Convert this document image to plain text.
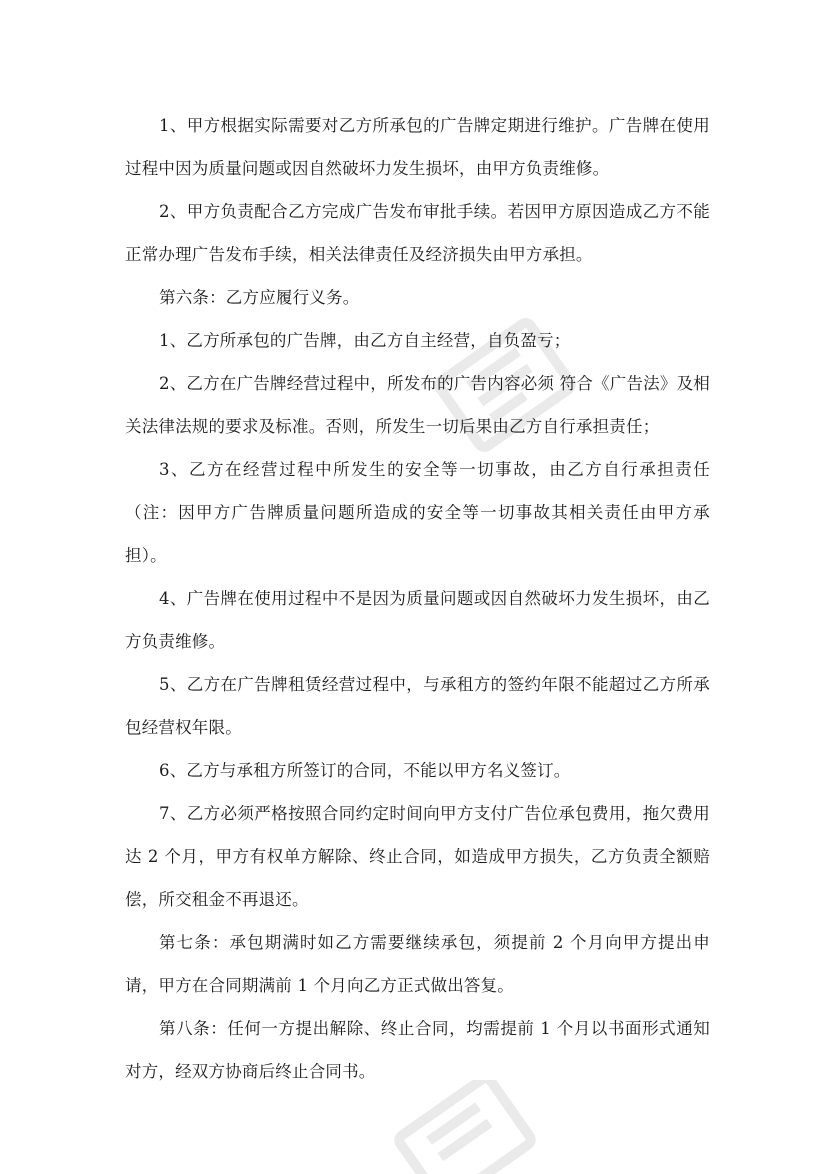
1、甲方根据实际需要对乙方所承包的广告牌定期进行维护。广告牌在使用过程中因为质量问题或因自然破坏力发生损坏，由甲方负责维修。

2、甲方负责配合乙方完成广告发布审批手续。若因甲方原因造成乙方不能正常办理广告发布手续，相关法律责任及经济损失由甲方承担。

第六条：乙方应履行义务。

1、乙方所承包的广告牌，由乙方自主经营，自负盈亏；

2、乙方在广告牌经营过程中，所发布的广告内容必须 符合《广告法》及相关法律法规的要求及标准。否则，所发生一切后果由乙方自行承担责任；

3、乙方在经营过程中所发生的安全等一切事故，由乙方自行承担责任（注：因甲方广告牌质量问题所造成的安全等一切事故其相关责任由甲方承担）。

4、广告牌在使用过程中不是因为质量问题或因自然破坏力发生损坏，由乙方负责维修。

5、乙方在广告牌租赁经营过程中，与承租方的签约年限不能超过乙方所承包经营权年限。

6、乙方与承租方所签订的合同，不能以甲方名义签订。

7、乙方必须严格按照合同约定时间向甲方支付广告位承包费用，拖欠费用达 2 个月，甲方有权单方解除、终止合同，如造成甲方损失，乙方负责全额赔偿，所交租金不再退还。

第七条：承包期满时如乙方需要继续承包，须提前 2 个月向甲方提出申请，甲方在合同期满前 1 个月向乙方正式做出答复。

第八条：任何一方提出解除、终止合同，均需提前 1 个月以书面形式通知对方，经双方协商后终止合同书。
